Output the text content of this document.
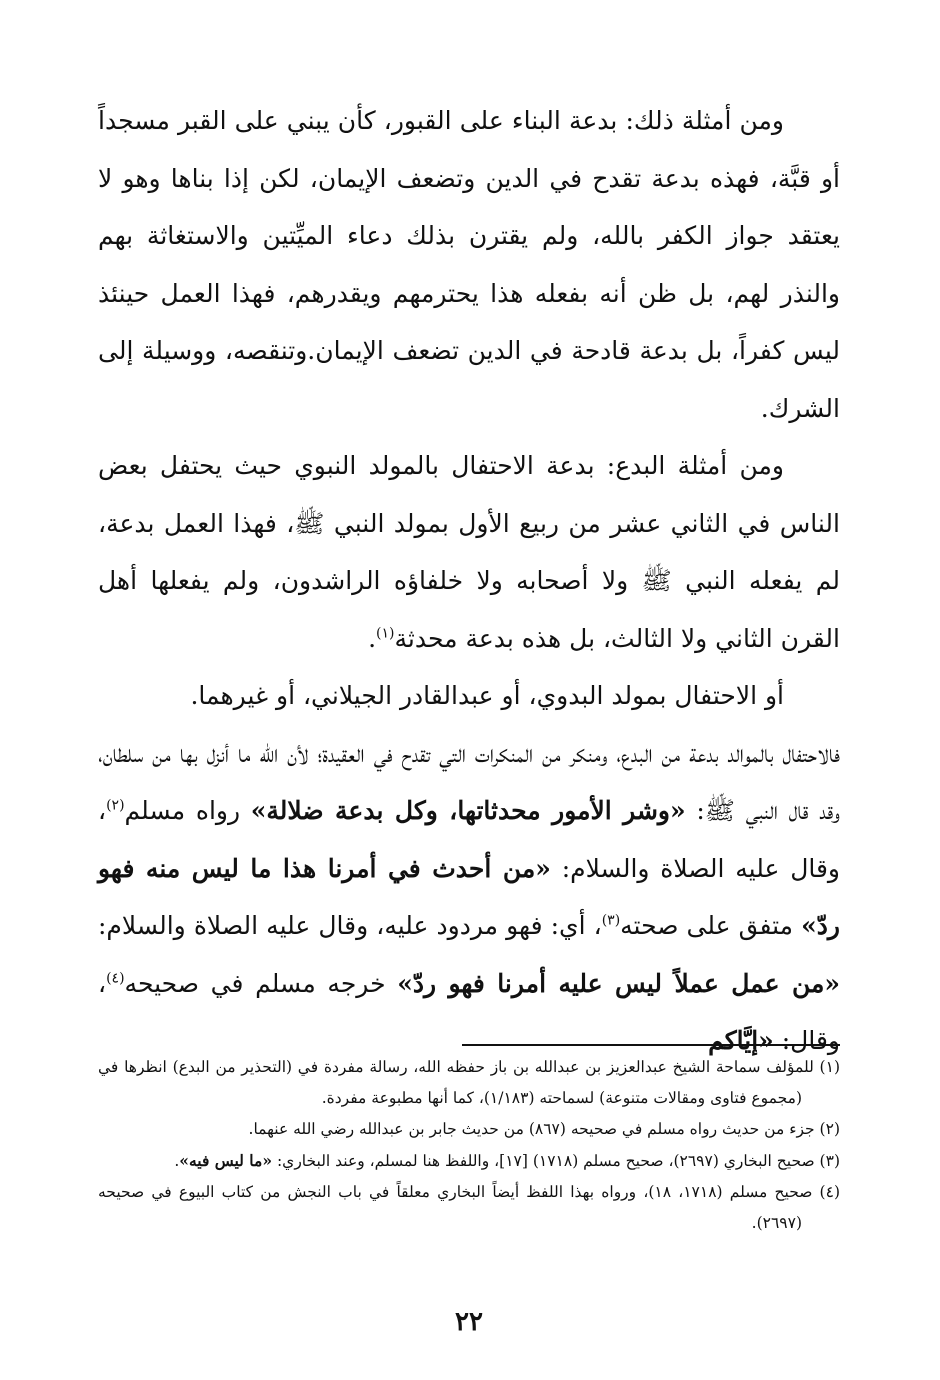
ومن أمثلة ذلك: بدعة البناء على القبور، كأن يبني على القبر مسجداً أو قبَّة، فهذه بدعة تقدح في الدين وتضعف الإيمان، لكن إذا بناها وهو لا يعتقد جواز الكفر بالله، ولم يقترن بذلك دعاء الميِّتين والاستغاثة بهم والنذر لهم، بل ظن أنه بفعله هذا يحترمهم ويقدرهم، فهذا العمل حينئذ ليس كفراً، بل بدعة قادحة في الدين تضعف الإيمان.وتنقصه، ووسيلة إلى الشرك.

ومن أمثلة البدع: بدعة الاحتفال بالمولد النبوي حيث يحتفل بعض الناس في الثاني عشر من ربيع الأول بمولد النبي ﷺ، فهذا العمل بدعة، لم يفعله النبي ﷺ ولا أصحابه ولا خلفاؤه الراشدون، ولم يفعلها أهل القرن الثاني ولا الثالث، بل هذه بدعة محدثة$^{(١)}$.

أو الاحتفال بمولد البدوي، أو عبدالقادر الجيلاني، أو غيرهما.

فالاحتفال بالموالد بدعة من البدع، ومنكر من المنكرات التي تقدح في العقيدة؛ لأن الله ما أنزل بها من سلطان، وقد قال النبي ﷺ: «وشر الأمور محدثاتها، وكل بدعة ضلالة» رواه مسلم$^{(٢)}$، وقال عليه الصلاة والسلام: «من أحدث في أمرنا هذا ما ليس منه فهو ردّ» متفق على صحته$^{(٣)}$، أي: فهو مردود عليه، وقال عليه الصلاة والسلام: «من عمل عملاً ليس عليه أمرنا فهو ردّ» خرجه مسلم في صحيحه$^{(٤)}$، وقال: «إيَّاكم

(١) للمؤلف سماحة الشيخ عبدالعزيز بن عبدالله بن باز حفظه الله، رسالة مفردة في (التحذير من البدع) انظرها في (مجموع فتاوى ومقالات متنوعة) لسماحته (١/١٨٣)، كما أنها مطبوعة مفردة.

(٢) جزء من حديث رواه مسلم في صحيحه (٨٦٧) من حديث جابر بن عبدالله رضي الله عنهما.

(٣) صحيح البخاري (٢٦٩٧)، صحيح مسلم (١٧١٨) [١٧]، واللفظ هنا لمسلم، وعند البخاري: «ما ليس فيه».

(٤) صحيح مسلم (١٧١٨، ١٨)، ورواه بهذا اللفظ أيضاً البخاري معلقاً في باب النجش من كتاب البيوع في صحيحه (٢٦٩٧).

٢٢
